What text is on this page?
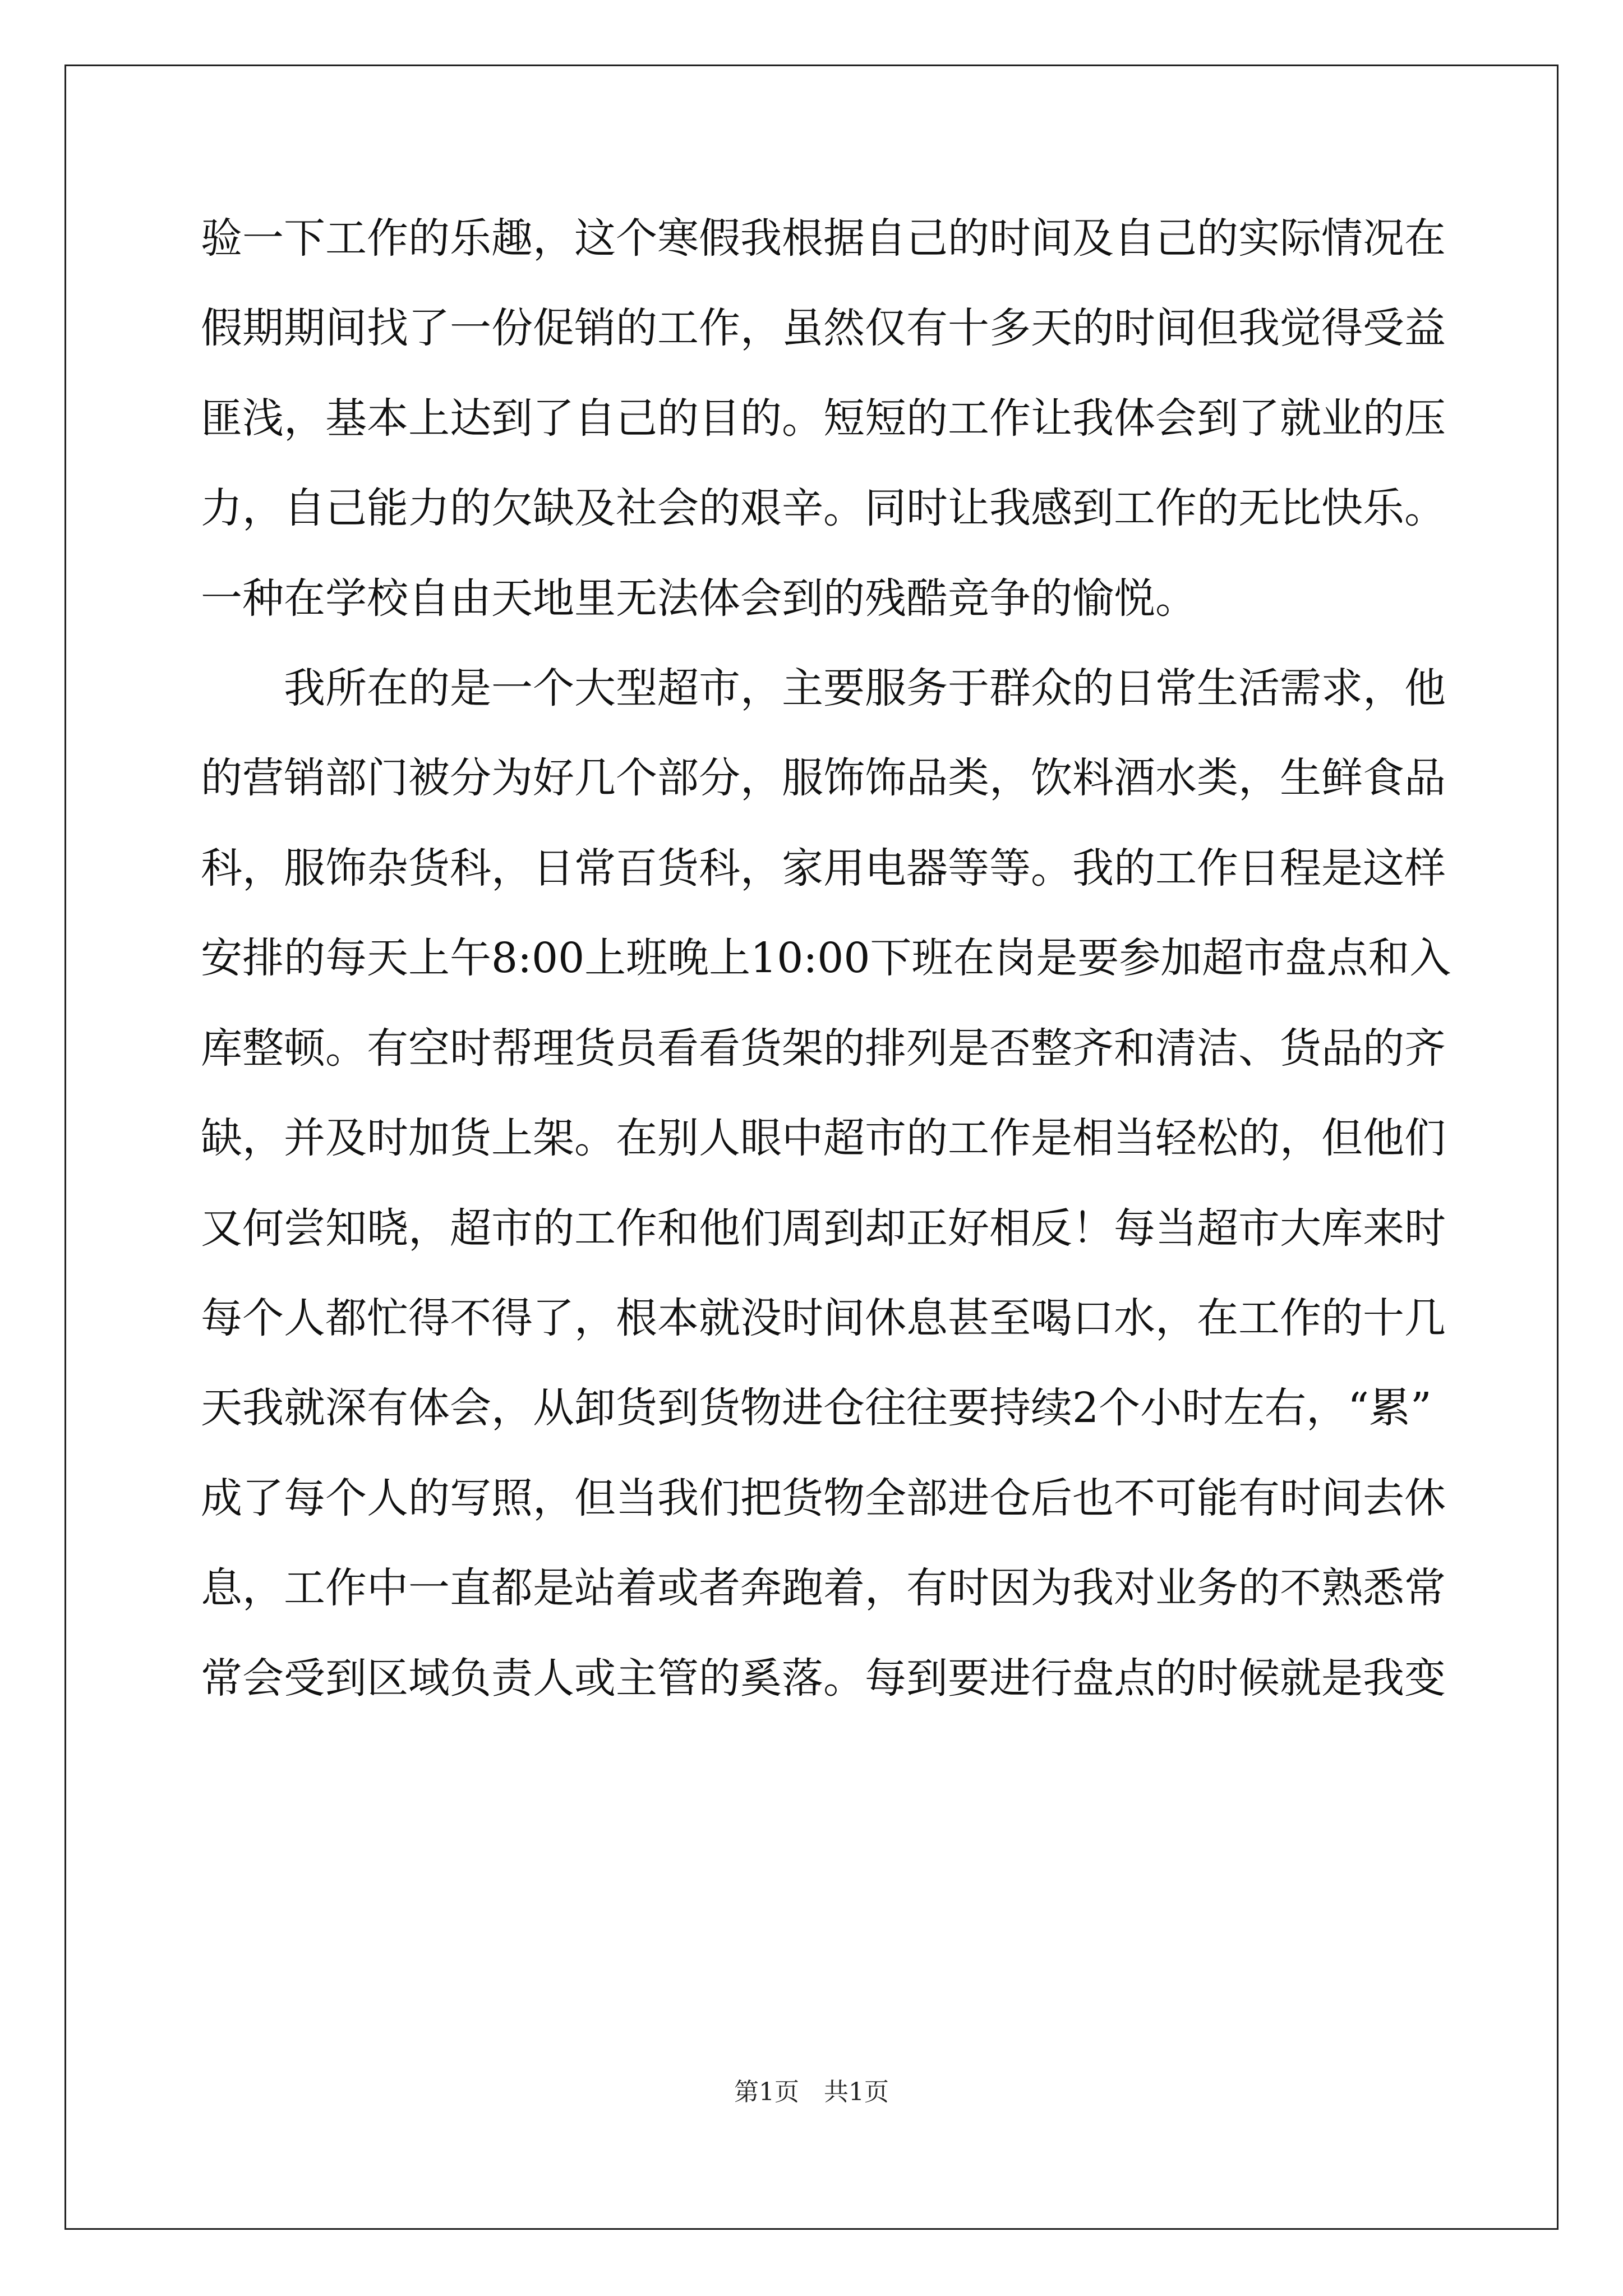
验一下工作的乐趣，这个寒假我根据自己的时间及自己的实际情况在
假期期间找了一份促销的工作，虽然仅有十多天的时间但我觉得受益
匪浅，基本上达到了自己的目的。短短的工作让我体会到了就业的压
力，自己能力的欠缺及社会的艰辛。同时让我感到工作的无比快乐。
一种在学校自由天地里无法体会到的残酷竞争的愉悦。
我所在的是一个大型超市，主要服务于群众的日常生活需求，他
的营销部门被分为好几个部分，服饰饰品类，饮料酒水类，生鲜食品
科，服饰杂货科，日常百货科，家用电器等等。我的工作日程是这样
安排的每天上午8:00上班晚上10:00下班在岗是要参加超市盘点和入
库整顿。有空时帮理货员看看货架的排列是否整齐和清洁、货品的齐
缺，并及时加货上架。在别人眼中超市的工作是相当轻松的，但他们
又何尝知晓，超市的工作和他们周到却正好相反！每当超市大库来时
每个人都忙得不得了，根本就没时间休息甚至喝口水，在工作的十几
天我就深有体会，从卸货到货物进仓往往要持续2个小时左右，“累”
成了每个人的写照，但当我们把货物全部进仓后也不可能有时间去休
息，工作中一直都是站着或者奔跑着，有时因为我对业务的不熟悉常
常会受到区域负责人或主管的奚落。每到要进行盘点的时候就是我变
第1页　共1页
